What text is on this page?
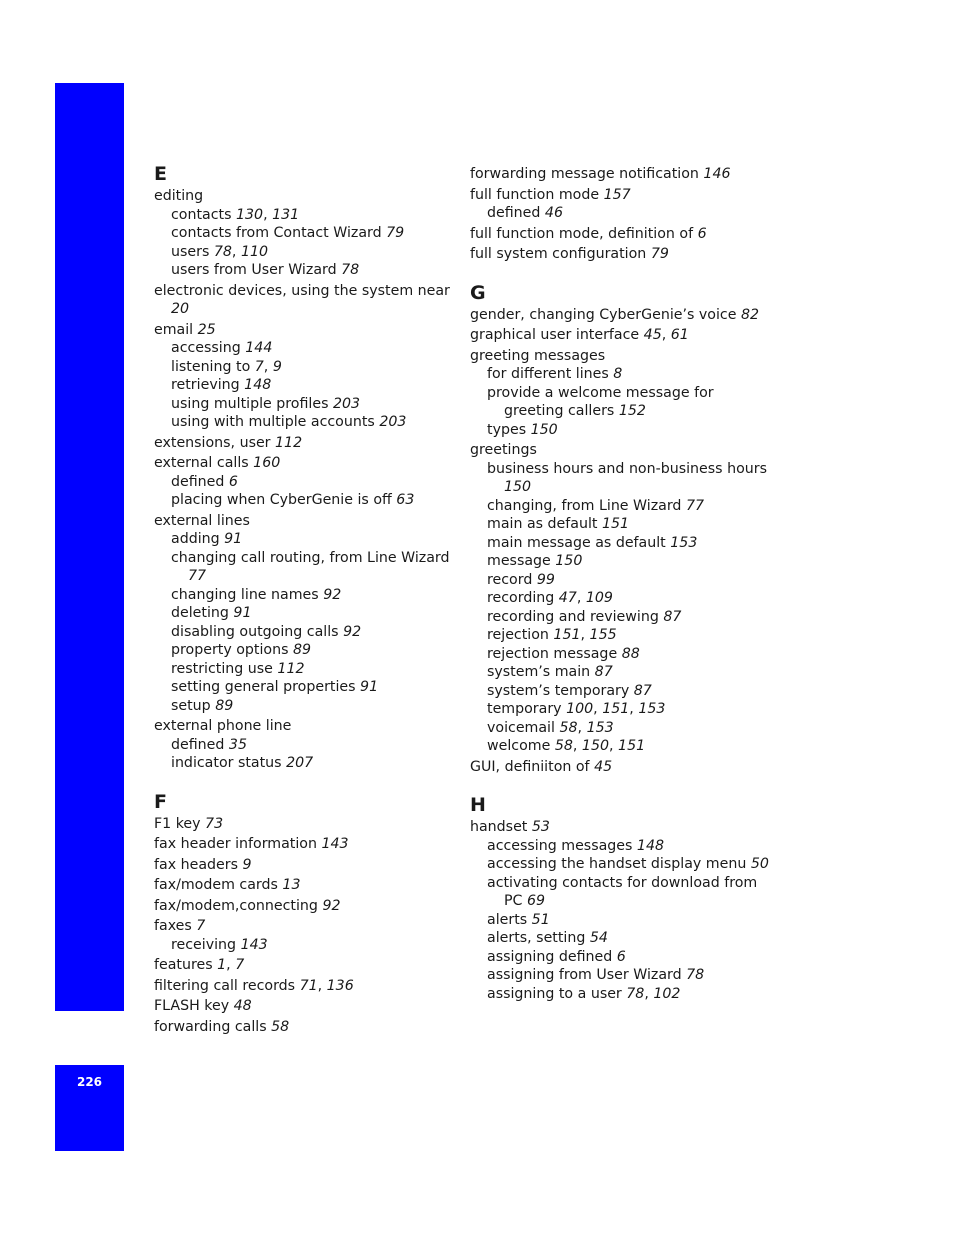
Index
226
E
editing
contacts 130, 131
contacts from Contact Wizard 79
users 78, 110
users from User Wizard 78
electronic devices, using the system near 20
email 25
accessing 144
listening to 7, 9
retrieving 148
using multiple profiles 203
using with multiple accounts 203
extensions, user 112
external calls 160
defined 6
placing when CyberGenie is off 63
external lines
adding 91
changing call routing, from Line Wizard 77
changing line names 92
deleting 91
disabling outgoing calls 92
property options 89
restricting use 112
setting general properties 91
setup 89
external phone line
defined 35
indicator status 207
F
F1 key 73
fax header information 143
fax headers 9
fax/modem cards 13
fax/modem,connecting 92
faxes 7
receiving 143
features 1, 7
filtering call records 71, 136
FLASH key 48
forwarding calls 58
forwarding message notification 146
full function mode 157
defined 46
full function mode, definition of 6
full system configuration 79
G
gender, changing CyberGenie’s voice 82
graphical user interface 45, 61
greeting messages
for different lines 8
provide a welcome message for greeting callers 152
types 150
greetings
business hours and non-business hours 150
changing, from Line Wizard 77
main as default 151
main message as default 153
message 150
record 99
recording 47, 109
recording and reviewing 87
rejection 151, 155
rejection message 88
system’s main 87
system’s temporary 87
temporary 100, 151, 153
voicemail 58, 153
welcome 58, 150, 151
GUI, definiiton of 45
H
handset 53
accessing messages 148
accessing the handset display menu 50
activating contacts for download from PC 69
alerts 51
alerts, setting 54
assigning defined 6
assigning from User Wizard 78
assigning to a user 78, 102
